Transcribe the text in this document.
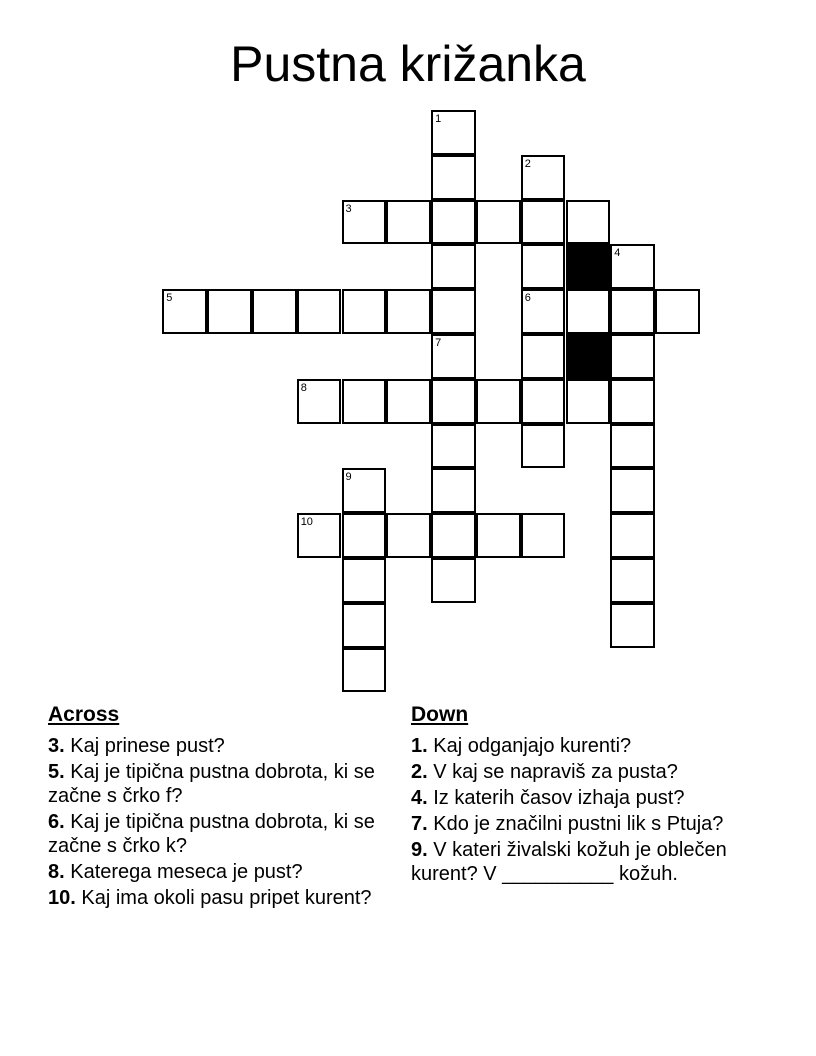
Pustna križanka
1
2
3
4
5	6
7
8
9
10
Across
3. Kaj prinese pust?
5. Kaj je tipična pustna dobrota, ki se začne s črko f?
6. Kaj je tipična pustna dobrota, ki se začne s črko k?
8. Katerega meseca je pust?
10. Kaj ima okoli pasu pripet kurent?
Down
1. Kaj odganjajo kurenti?
2. V kaj se napraviš za pusta?
4. Iz katerih časov izhaja pust?
7. Kdo je značilni pustni lik s Ptuja?
9. V kateri živalski kožuh je oblečen kurent? V __________ kožuh.
